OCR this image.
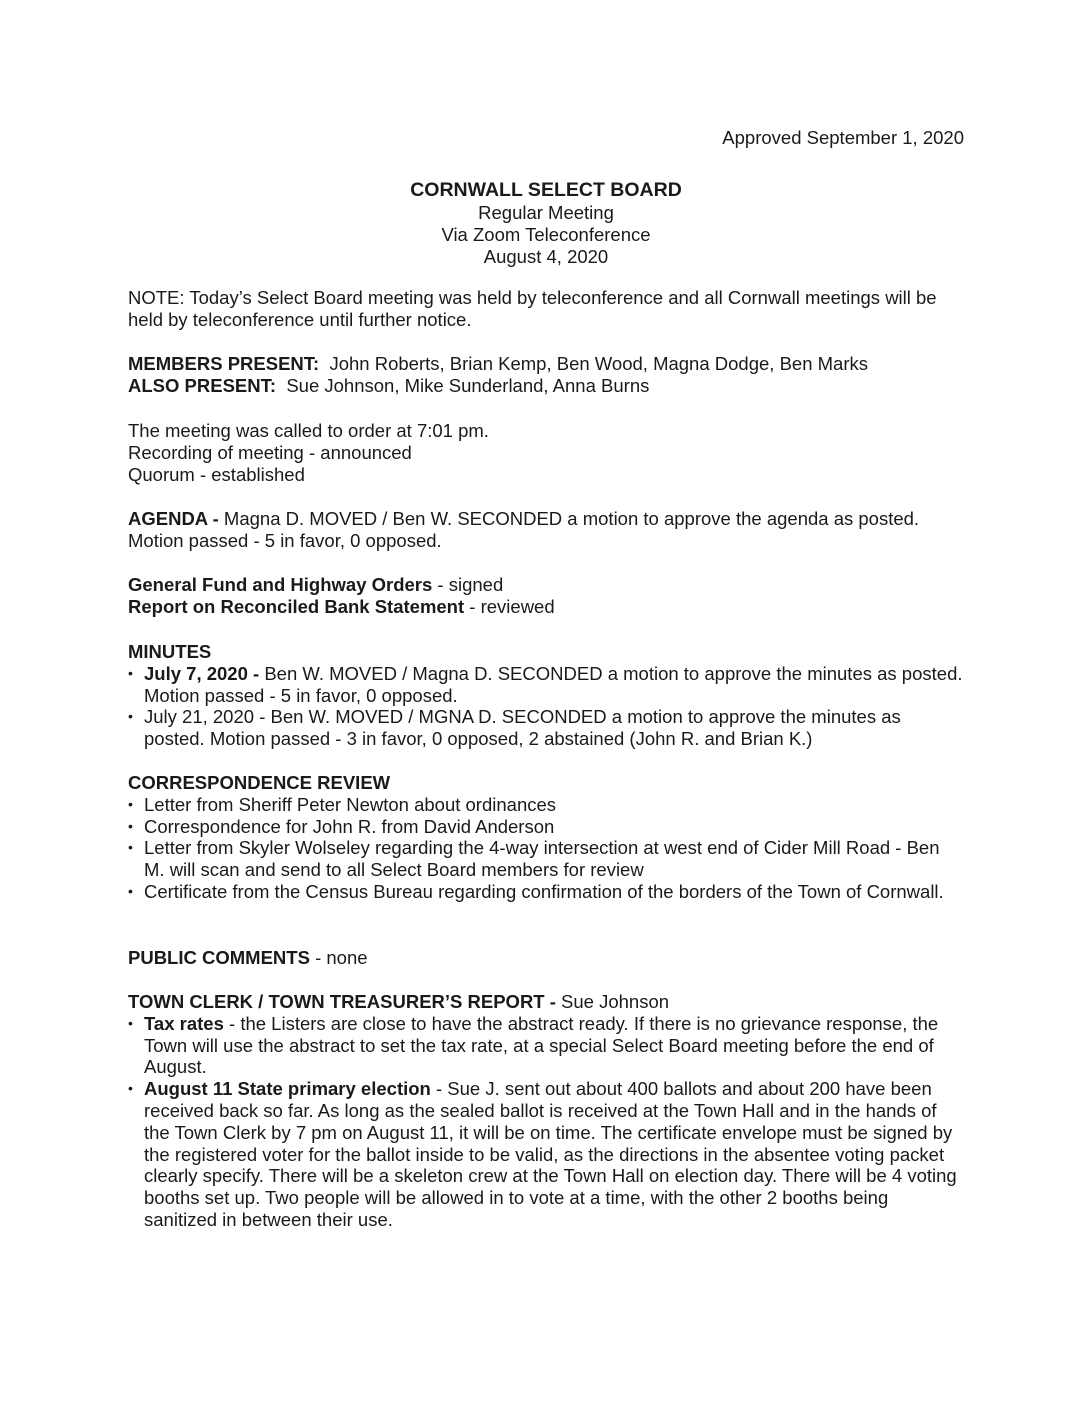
Approved September 1, 2020
CORNWALL SELECT BOARD
Regular Meeting
Via Zoom Teleconference
August 4, 2020

NOTE: Today’s Select Board meeting was held by teleconference and all Cornwall meetings will be held by teleconference until further notice.

MEMBERS PRESENT: John Roberts, Brian Kemp, Ben Wood, Magna Dodge, Ben Marks
ALSO PRESENT: Sue Johnson, Mike Sunderland, Anna Burns
The meeting was called to order at 7:01 pm.
Recording of meeting - announced
Quorum - established

AGENDA - Magna D. MOVED / Ben W. SECONDED a motion to approve the agenda as posted. Motion passed - 5 in favor, 0 opposed.

General Fund and Highway Orders - signed
Report on Reconciled Bank Statement - reviewed
MINUTES
• July 7, 2020 - Ben W. MOVED / Magna D. SECONDED a motion to approve the minutes as posted. Motion passed - 5 in favor, 0 opposed.
• July 21, 2020 - Ben W. MOVED / MGNA D. SECONDED a motion to approve the minutes as posted. Motion passed - 3 in favor, 0 opposed, 2 abstained (John R. and Brian K.)
CORRESPONDENCE REVIEW
• Letter from Sheriff Peter Newton about ordinances
• Correspondence for John R. from David Anderson
• Letter from Skyler Wolseley regarding the 4-way intersection at west end of Cider Mill Road - Ben M. will scan and send to all Select Board members for review
• Certificate from the Census Bureau regarding confirmation of the borders of the Town of Cornwall.

PUBLIC COMMENTS - none

TOWN CLERK / TOWN TREASURER’S REPORT - Sue Johnson
• Tax rates - the Listers are close to have the abstract ready. If there is no grievance response, the Town will use the abstract to set the tax rate, at a special Select Board meeting before the end of August.
• August 11 State primary election - Sue J. sent out about 400 ballots and about 200 have been received back so far. As long as the sealed ballot is received at the Town Hall and in the hands of the Town Clerk by 7 pm on August 11, it will be on time. The certificate envelope must be signed by the registered voter for the ballot inside to be valid, as the directions in the absentee voting packet clearly specify. There will be a skeleton crew at the Town Hall on election day. There will be 4 voting booths set up. Two people will be allowed in to vote at a time, with the other 2 booths being sanitized in between their use.
